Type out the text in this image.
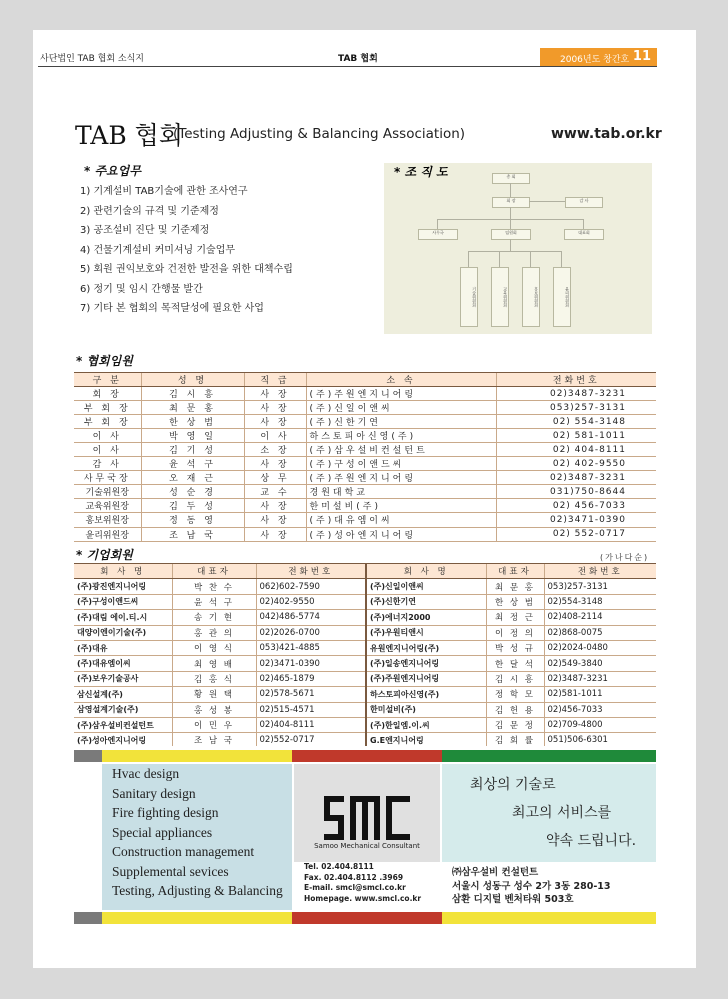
사단법인 TAB 협회 소식지	TAB 협회	2006년도 창간호 11
TAB 협회
(Testing Adjusting & Balancing Association)	www.tab.or.kr
* 주요업무
1) 기계설비 TAB기술에 관한 조사연구
2) 관련기술의 규격 및 기준제정
3) 공조설비 진단 및 기준제정
4) 건물기계설비 커미셔닝 기술업무
5) 회원 권익보호와 건전한 발전을 위한 대책수립
6) 정기 및 임시 간행물 발간
7) 기타 본 협회의 목적달성에 필요한 사업
* 조 직 도	총 회
회 장	감 사
사무국	임원회	대표회
기술위원회	교육위원회	홍보위원회	윤리위원회
* 협회임원
구 분	성 명	직 급	소 속	전화번호
회 장	김 시 흥	사 장	(주)주원엔지니어링	02)3487-3231
부 회 장	최 문 홍	사 장	(주)신일이앤씨	053)257-3131
부 회 장	한 상 범	사 장	(주)신한기연	02) 554-3148
이 사	박 영 일	이 사	하스토피아신영(주)	02) 581-1011
이 사	김 기 성	소 장	(주)삼우설비컨설턴트	02) 404-8111
감 사	윤 석 구	사 장	(주)구성이앤드씨	02) 402-9550
사무국장	오 재 근	상 무	(주)주원엔지니어링	02)3487-3231
기술위원장	성 순 경	교 수	경원대학교	031)750-8644
교육위원장	김 두 성	사 장	한미설비(주)	02) 456-7033
홍보위원장	정 동 영	사 장	(주)대유엠이씨	02)3471-0390
윤리위원장	조 남 국	사 장	(주)성아엔지니어링	02) 552-0717
* 기업회원	(가나다순)
회 사 명	대표자	전화번호	회 사 명	대표자	전화번호
(주)광진엔지니어링	박 찬 수	062)602-7590	(주)신일이앤씨	최 문 홍	053)257-3131
(주)구성이앤드씨	윤 석 구	02)402-9550	(주)신한기연	한 상 범	02)554-3148
(주)대림 에이.티.시	송 기 현	042)486-5774	(주)에너지2000	최 정 근	02)408-2114
대양이엔이기술(주)	홍 관 의	02)2026-0700	(주)우원티앤시	이 정 의	02)868-0075
(주)대유	이 영 식	053)421-4885	유원엔지니어링(주)	박 성 규	02)2024-0480
(주)대유엠이씨	최 영 배	02)3471-0390	(주)일송엔지니어링	한 달 석	02)549-3840
(주)보우기술공사	김 홍 식	02)465-1879	(주)주원엔지니어링	김 시 흥	02)3487-3231
삼신설계(주)	황 원 택	02)578-5671	하스토피아신영(주)	정 학 모	02)581-1011
삼영설계기술(주)	홍 성 봉	02)515-4571	한미설비(주)	김 헌 용	02)456-7033
(주)삼우설비컨설턴트	이 민 우	02)404-8111	(주)한일엠.이.씨	김 문 정	02)709-4800
(주)성아엔지니어링	조 남 국	02)552-0717	G.E엔지니어링	김 회 률	051)506-6301
Hvac design
Sanitary design
Fire fighting design
Special appliances
Construction management
Supplemental sevices
Testing, Adjusting & Balancing
Samoo Mechanical Consultant
Tel. 02.404.8111
Fax. 02.404.8112 .3969
E-mail. smcl@smcl.co.kr
Homepage. www.smcl.co.kr
최상의 기술로
최고의 서비스를
약속 드립니다.
㈜삼우설비 컨설턴트
서울시 성동구 성수 2가 3동 280-13
삼환 디지털 벤처타워 503호
